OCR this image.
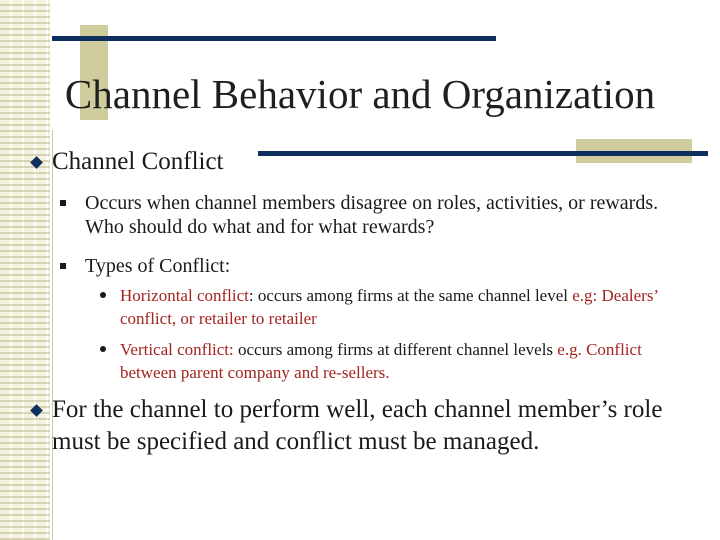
Channel Behavior and Organization
Channel Conflict
Occurs when channel members disagree on roles, activities, or rewards. Who should do what and for what rewards?
Types of Conflict:
Horizontal conflict: occurs among firms at the same channel level e.g: Dealers’ conflict, or retailer to retailer
Vertical conflict: occurs among firms at different channel levels e.g. Conflict between parent company and re-sellers.
For the channel to perform well, each channel member’s role must be specified and conflict must be managed.
